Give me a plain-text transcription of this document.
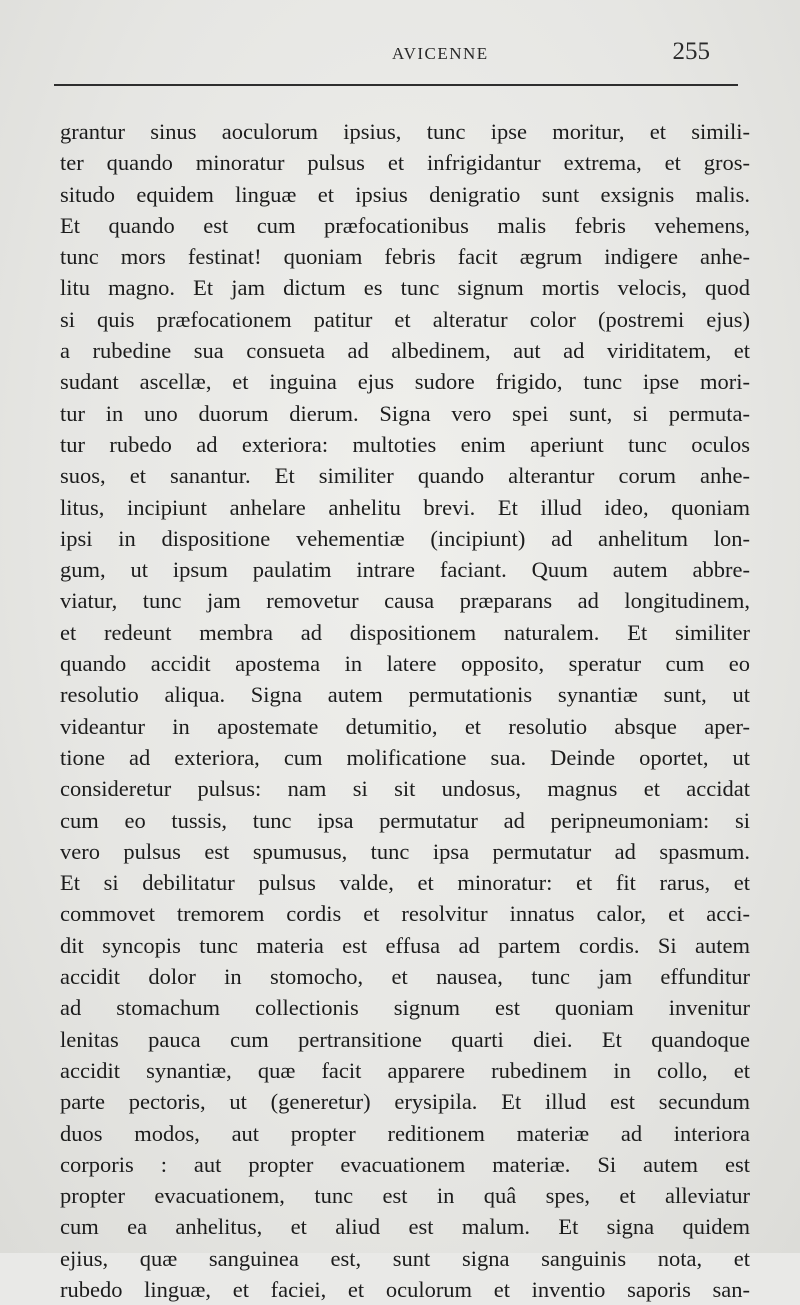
AVICENNE	255
grantur sinus aoculorum ipsius, tunc ipse moritur, et simili-
ter quando minoratur pulsus et infrigidantur extrema, et gros-
situdo equidem linguæ et ipsius denigratio sunt exsignis malis.
Et quando est cum præfocationibus malis febris vehemens,
tunc mors festinat! quoniam febris facit ægrum indigere anhe-
litu magno. Et jam dictum es tunc signum mortis velocis, quod
si quis præfocationem patitur et alteratur color (postremi ejus)
a rubedine sua consueta ad albedinem, aut ad viriditatem, et
sudant ascellæ, et inguina ejus sudore frigido, tunc ipse mori-
tur in uno duorum dierum. Signa vero spei sunt, si permuta-
tur rubedo ad exteriora: multoties enim aperiunt tunc oculos
suos, et sanantur. Et similiter quando alterantur corum anhe-
litus, incipiunt anhelare anhelitu brevi. Et illud ideo, quoniam
ipsi in dispositione vehementiæ (incipiunt) ad anhelitum lon-
gum, ut ipsum paulatim intrare faciant. Quum autem abbre-
viatur, tunc jam removetur causa præparans ad longitudinem,
et redeunt membra ad dispositionem naturalem. Et similiter
quando accidit apostema in latere opposito, speratur cum eo
resolutio aliqua. Signa autem permutationis synantiæ sunt, ut
videantur in apostemate detumitio, et resolutio absque aper-
tione ad exteriora, cum molificatione sua. Deinde oportet, ut
consideretur pulsus: nam si sit undosus, magnus et accidat
cum eo tussis, tunc ipsa permutatur ad peripneumoniam: si
vero pulsus est spumusus, tunc ipsa permutatur ad spasmum.
Et si debilitatur pulsus valde, et minoratur: et fit rarus, et
commovet tremorem cordis et resolvitur innatus calor, et acci-
dit syncopis tunc materia est effusa ad partem cordis. Si autem
accidit dolor in stomocho, et nausea, tunc jam effunditur
ad stomachum collectionis signum est quoniam invenitur
lenitas pauca cum pertransitione quarti diei. Et quandoque
accidit synantiæ, quæ facit apparere rubedinem in collo, et
parte pectoris, ut (generetur) erysipila. Et illud est secundum
duos modos, aut propter reditionem materiæ ad interiora
corporis : aut propter evacuationem materiæ. Si autem est
propter evacuationem, tunc est in quâ spes, et alleviatur
cum ea anhelitus, et aliud est malum. Et signa quidem
ejius, quæ sanguinea est, sunt signa sanguinis nota, et
rubedo linguæ, et faciei, et oculorum et inventio saporis san-
